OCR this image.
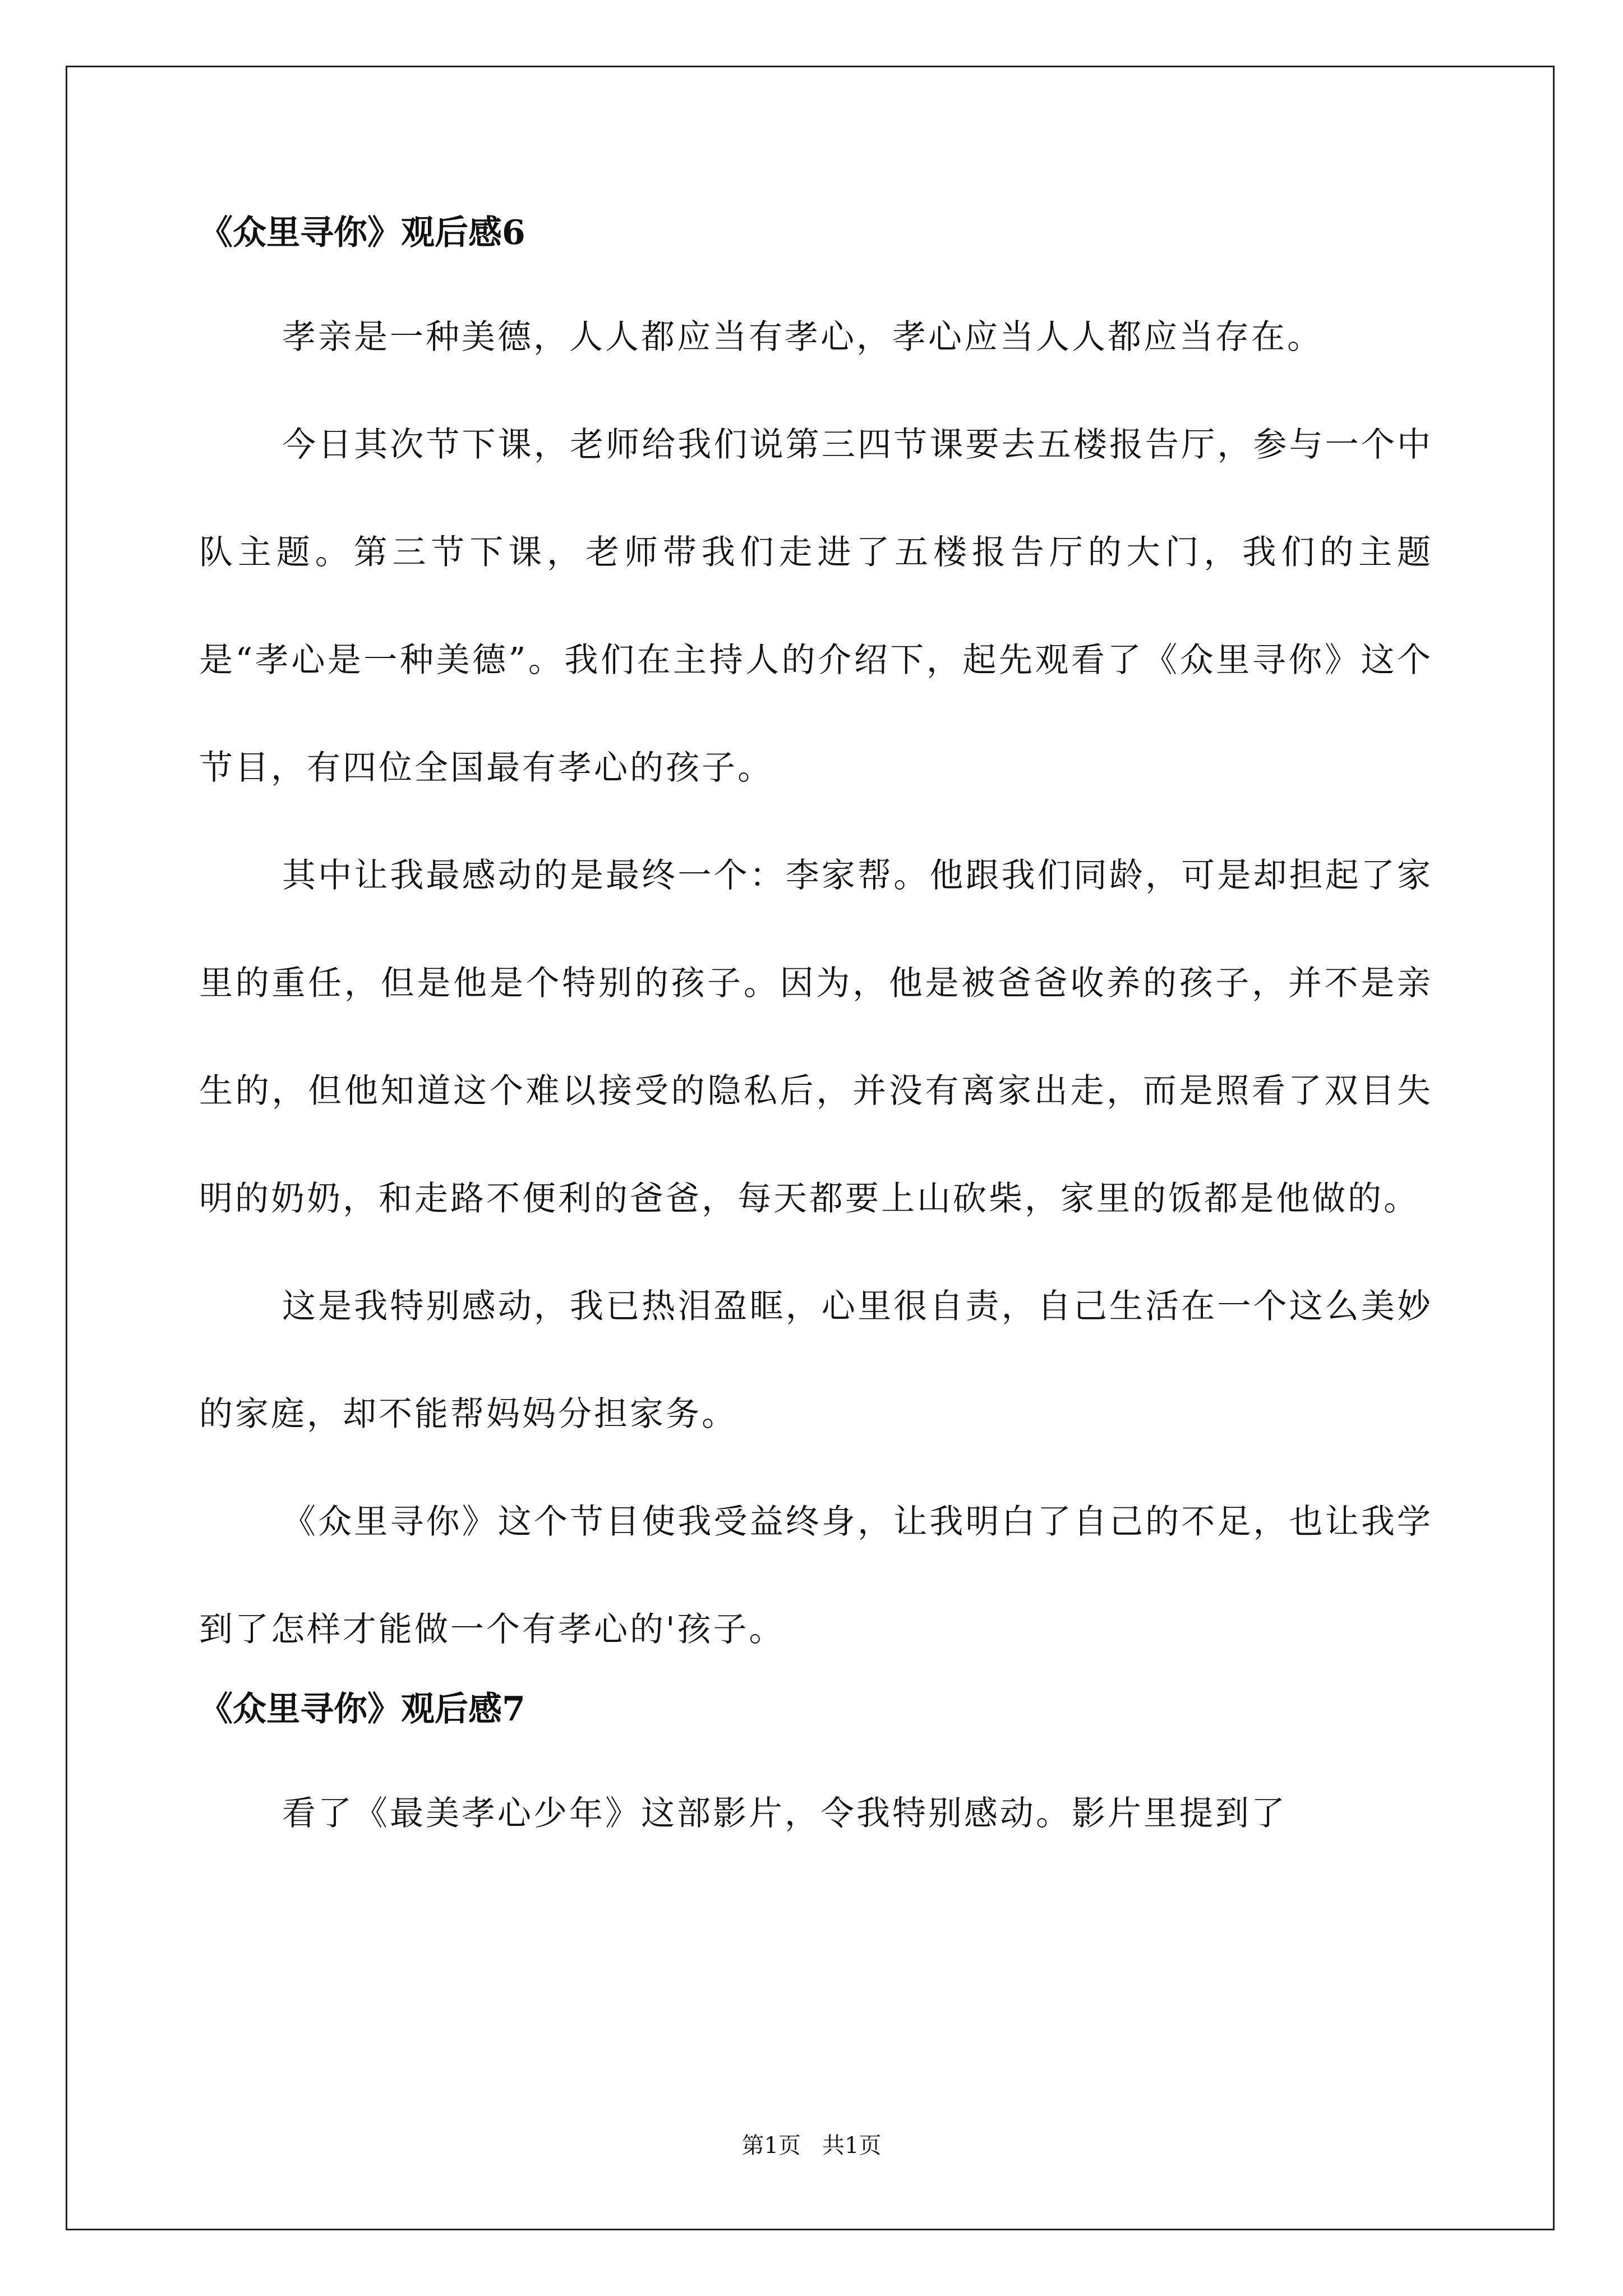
《众里寻你》观后感6

孝亲是一种美德，人人都应当有孝心，孝心应当人人都应当存在。

今日其次节下课，老师给我们说第三四节课要去五楼报告厅，参与一个中队主题。第三节下课，老师带我们走进了五楼报告厅的大门，我们的主题是“孝心是一种美德”。我们在主持人的介绍下，起先观看了《众里寻你》这个节目，有四位全国最有孝心的孩子。

其中让我最感动的是最终一个：李家帮。他跟我们同龄，可是却担起了家里的重任，但是他是个特别的孩子。因为，他是被爸爸收养的孩子，并不是亲生的，但他知道这个难以接受的隐私后，并没有离家出走，而是照看了双目失明的奶奶，和走路不便利的爸爸，每天都要上山砍柴，家里的饭都是他做的。

这是我特别感动，我已热泪盈眶，心里很自责，自己生活在一个这么美妙的家庭，却不能帮妈妈分担家务。

《众里寻你》这个节目使我受益终身，让我明白了自己的不足，也让我学到了怎样才能做一个有孝心的'孩子。

《众里寻你》观后感7

看了《最美孝心少年》这部影片，令我特别感动。影片里提到了

第1页   共1页
